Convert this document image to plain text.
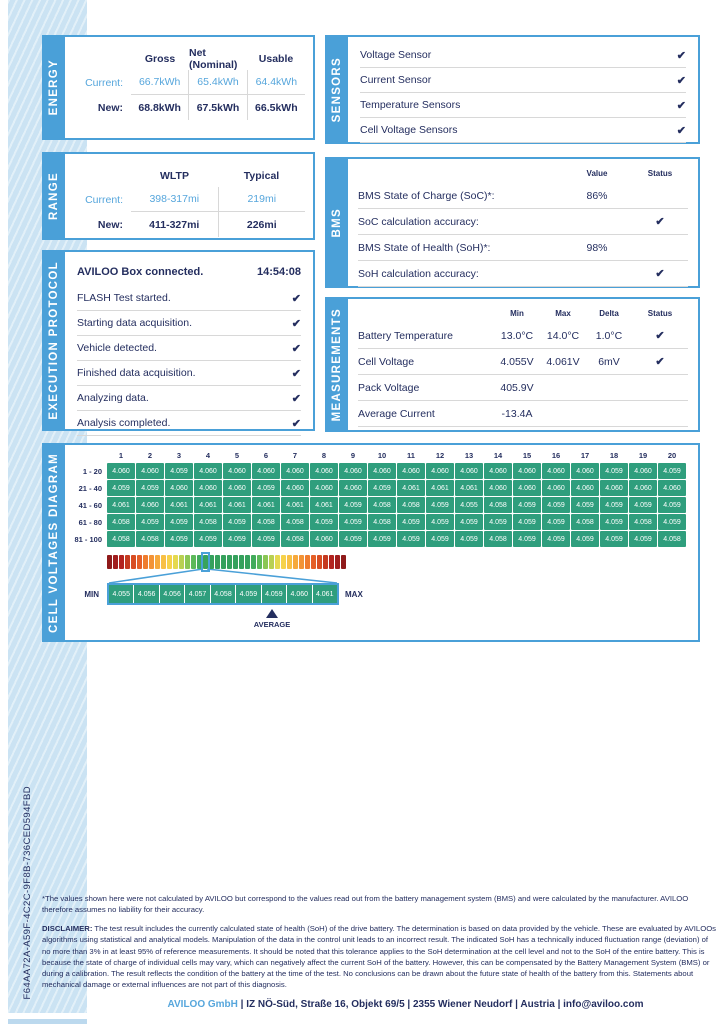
F64AA72A-A59F-4C2C-9F8B-736CED594FBD
ENERGY
Gross	Net (Nominal)	Usable
Current:	66.7kWh	65.4kWh	64.4kWh
New:	68.8kWh	67.5kWh	66.5kWh
RANGE	WLTP	Typical
Current:	398-317mi	219mi
New:	411-327mi	226mi
EXECUTION PROTOCOL AVILOO Box connected.	14:54:08
FLASH Test started.	✔
Starting data acquisition.	✔
Vehicle detected.	✔
Finished data acquisition.	✔
Analyzing data.	✔
Analysis completed.	✔
SENSORS
Voltage Sensor	✔
Current Sensor	✔
Temperature Sensors	✔
Cell Voltage Sensors	✔
BMS
Value	Status
BMS State of Charge (SoC)*:	86%
SoC calculation accuracy:	✔
BMS State of Health (SoH)*:	98%
SoH calculation accuracy:	✔
MEASUREMENTS	Min	Max	Delta	Status
Battery Temperature	13.0°C	14.0°C	1.0°C	✔
Cell Voltage	4.055V	4.061V	6mV	✔
Pack Voltage	405.9V
Average Current	-13.4A
CELL VOLTAGES DIAGRAM	1	2	3	4	5	6	7	8	9	10	11	12	13	14	15	16	17	18	19	20
1 - 20	4.060	4.060	4.059	4.060	4.060	4.060	4.060	4.060	4.060	4.060	4.060	4.060	4.060	4.060	4.060	4.060	4.060	4.059	4.060	4.059
21 - 40	4.059	4.059	4.060	4.060	4.060	4.059	4.060	4.060	4.060	4.059	4.061	4.061	4.061	4.060	4.060	4.060	4.060	4.060	4.060	4.060
41 - 60	4.061	4.060	4.061	4.061	4.061	4.061	4.061	4.061	4.059	4.058	4.058	4.059	4.055	4.058	4.059	4.059	4.059	4.059	4.059	4.059
61 - 80	4.058	4.059	4.059	4.058	4.059	4.058	4.058	4.059	4.059	4.058	4.059	4.059	4.059	4.059	4.059	4.059	4.058	4.059	4.058	4.059
81 - 100	4.058	4.058	4.059	4.059	4.059	4.059	4.058	4.060	4.059	4.059	4.059	4.059	4.059	4.058	4.059	4.059	4.059	4.059	4.059	4.058
MIN	4.055	4.056	4.056	4.057	4.058	4.059	4.059	4.060	4.061	MAX
AVERAGE

*The values shown here were not calculated by AVILOO but correspond to the values read out from the battery management system (BMS) and were calculated by the manufacturer. AVILOO therefore assumes no liability for their accuracy.

DISCLAIMER: The test result includes the currently calculated state of health (SoH) of the drive battery. The determination is based on data provided by the vehicle. These are evaluated by AVILOOs algorithms using statistical and analytical models. Manipulation of the data in the control unit leads to an incorrect result. The indicated SoH has a technically induced fluctuation range (deviation) of no more than 3% in at least 95% of reference measurements. It should be noted that this tolerance applies to the SoH determination at the cell level and not to the SoH of the entire battery. This is because the state of charge of individual cells may vary, which can negatively affect the current SoH of the battery. However, this can be compensated by the Battery Management System (BMS) or during a calibration. The result reflects the condition of the battery at the time of the test. No conclusions can be drawn about the future state of health of the battery from this. Statements about mechanical damage or external influences are not part of this diagnosis.

AVILOO GmbH | IZ NÖ-Süd, Straße 16, Objekt 69/5 | 2355 Wiener Neudorf | Austria | info@aviloo.com
